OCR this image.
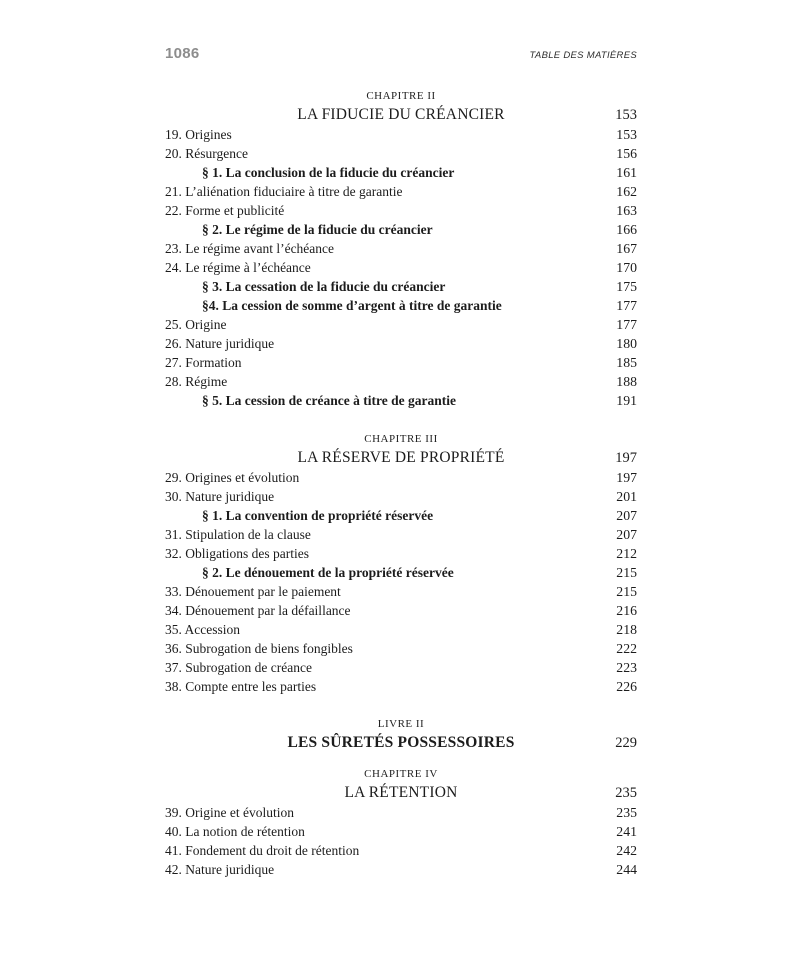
1086	TABLE DES MATIÈRES
CHAPITRE II
LA FIDUCIE DU CRÉANCIER	153
19. Origines	153
20. Résurgence	156
§ 1. La conclusion de la fiducie du créancier	161
21. L’aliénation fiduciaire à titre de garantie	162
22. Forme et publicité	163
§ 2. Le régime de la fiducie du créancier	166
23. Le régime avant l’échéance	167
24. Le régime à l’échéance	170
§ 3. La cessation de la fiducie du créancier	175
§4. La cession de somme d’argent à titre de garantie	177
25. Origine	177
26. Nature juridique	180
27. Formation	185
28. Régime	188
§ 5. La cession de créance à titre de garantie	191
CHAPITRE III
LA RÉSERVE DE PROPRIÉTÉ	197
29. Origines et évolution	197
30. Nature juridique	201
§ 1. La convention de propriété réservée	207
31. Stipulation de la clause	207
32. Obligations des parties	212
§ 2. Le dénouement de la propriété réservée	215
33. Dénouement par le paiement	215
34. Dénouement par la défaillance	216
35. Accession	218
36. Subrogation de biens fongibles	222
37. Subrogation de créance	223
38. Compte entre les parties	226
LIVRE II
LES SÛRETÉS POSSESSOIRES	229
CHAPITRE IV
LA RÉTENTION	235
39. Origine et évolution	235
40. La notion de rétention	241
41. Fondement du droit de rétention	242
42. Nature juridique	244
